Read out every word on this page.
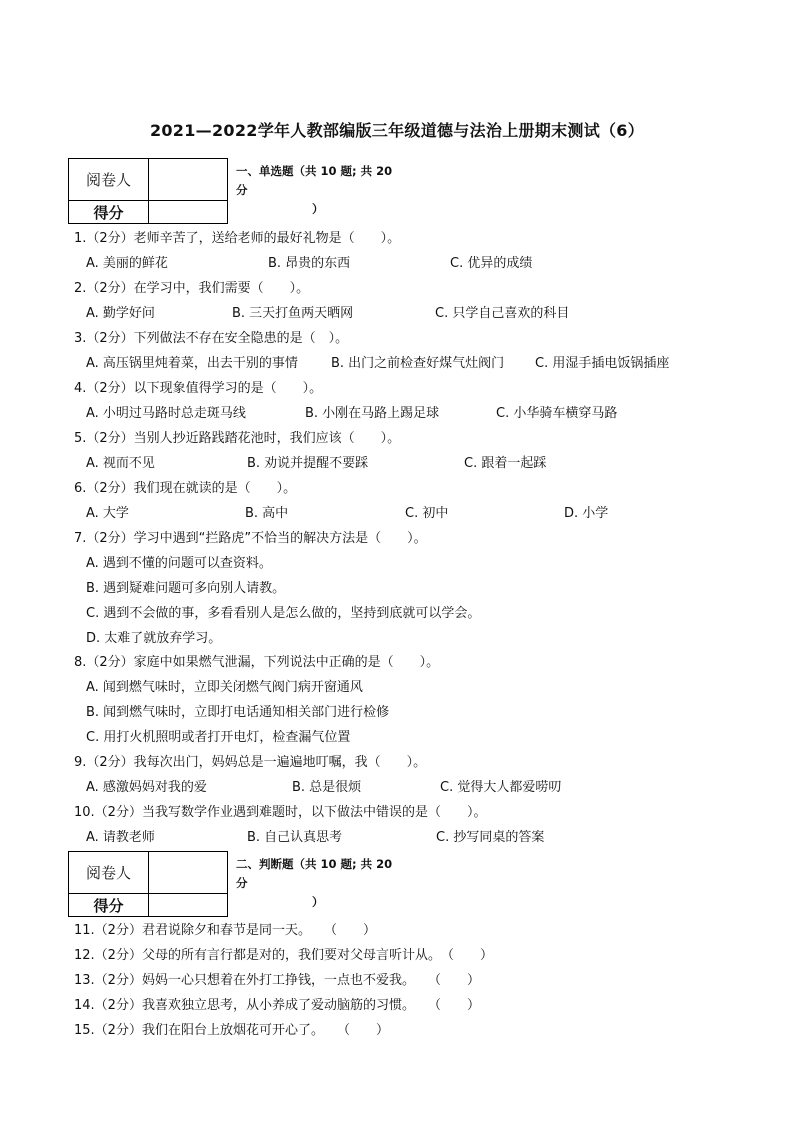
2021—2022学年人教部编版三年级道德与法治上册期末测试（6）
阅卷人
得分
一、单选题（共 10 题; 共 20 分
）
1.（2分）老师辛苦了，送给老师的最好礼物是（　　）。
A. 美丽的鲜花	B. 昂贵的东西	C. 优异的成绩
2.（2分）在学习中，我们需要（　　）。
A. 勤学好问	B. 三天打鱼两天晒网	C. 只学自己喜欢的科目
3.（2分）下列做法不存在安全隐患的是（　）。
A. 高压锅里炖着菜，出去干别的事情	B. 出门之前检查好煤气灶阀门 C. 用湿手插电饭锅插座
4.（2分）以下现象值得学习的是（　　）。
A. 小明过马路时总走斑马线	B. 小刚在马路上踢足球	C. 小华骑车横穿马路
5.（2分）当别人抄近路践踏花池时，我们应该（　　）。
A. 视而不见	B. 劝说并提醒不要踩	C. 跟着一起踩
6.（2分）我们现在就读的是（　　）。
A. 大学	B. 高中	C. 初中	D. 小学
7.（2分）学习中遇到“拦路虎”不恰当的解决方法是（　　）。
A. 遇到不懂的问题可以查资料。
B. 遇到疑难问题可多向别人请教。
C. 遇到不会做的事，多看看别人是怎么做的，坚持到底就可以学会。
D. 太难了就放弃学习。
8.（2分）家庭中如果燃气泄漏，下列说法中正确的是（　　）。
A. 闻到燃气味时，立即关闭燃气阀门病开窗通风
B. 闻到燃气味时，立即打电话通知相关部门进行检修
C. 用打火机照明或者打开电灯，检查漏气位置
9.（2分）我每次出门，妈妈总是一遍遍地叮嘱，我（　　）。
A. 感激妈妈对我的爱	B. 总是很烦	C. 觉得大人都爱唠叨
10.（2分）当我写数学作业遇到难题时，以下做法中错误的是（　　）。
A. 请教老师	B. 自己认真思考	C. 抄写同桌的答案
阅卷人
得分
二、判断题（共 10 题; 共 20 分
）
11.（2分）君君说除夕和春节是同一天。　　（　　）
12.（2分）父母的所有言行都是对的，我们要对父母言听计从。　（　　）
13.（2分）妈妈一心只想着在外打工挣钱，一点也不爱我。　　（　　）
14.（2分）我喜欢独立思考，从小养成了爱动脑筋的习惯。　　（　　）
15.（2分）我们在阳台上放烟花可开心了。　　（　　）
